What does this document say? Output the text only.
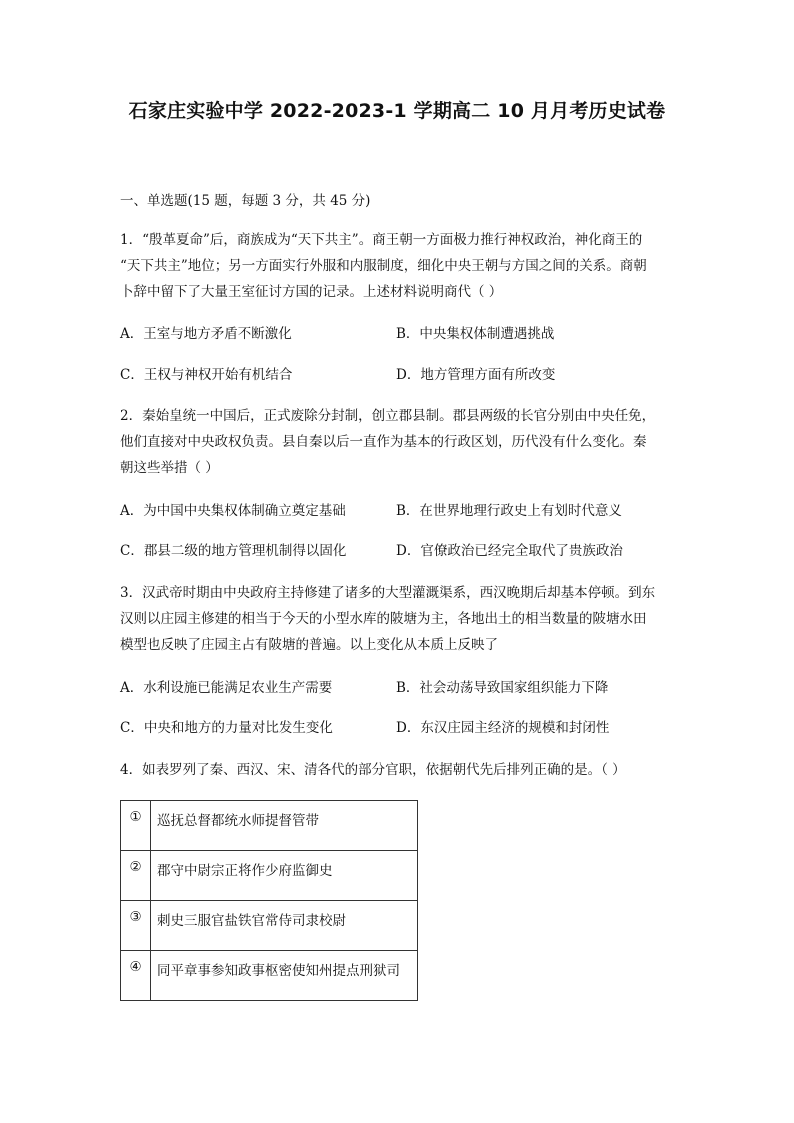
石家庄实验中学 2022-2023-1 学期高二 10 月月考历史试卷
一、单选题(15 题，每题 3 分，共 45 分)
1．“殷革夏命”后，商族成为“天下共主”。商王朝一方面极力推行神权政治，神化商王的
“天下共主”地位；另一方面实行外服和内服制度，细化中央王朝与方国之间的关系。商朝
卜辞中留下了大量王室征讨方国的记录。上述材料说明商代（ ）
A．王室与地方矛盾不断激化	B．中央集权体制遭遇挑战
C．王权与神权开始有机结合	D．地方管理方面有所改变
2．秦始皇统一中国后，正式废除分封制，创立郡县制。郡县两级的长官分别由中央任免，
他们直接对中央政权负责。县自秦以后一直作为基本的行政区划，历代没有什么变化。秦
朝这些举措（ ）
A．为中国中央集权体制确立奠定基础	B．在世界地理行政史上有划时代意义
C．郡县二级的地方管理机制得以固化	D．官僚政治已经完全取代了贵族政治
3．汉武帝时期由中央政府主持修建了诸多的大型灌溉渠系，西汉晚期后却基本停顿。到东
汉则以庄园主修建的相当于今天的小型水库的陂塘为主，各地出土的相当数量的陂塘水田
模型也反映了庄园主占有陂塘的普遍。以上变化从本质上反映了
A．水利设施已能满足农业生产需要	B．社会动荡导致国家组织能力下降
C．中央和地方的力量对比发生变化	D．东汉庄园主经济的规模和封闭性
4．如表罗列了秦、西汉、宋、清各代的部分官职，依据朝代先后排列正确的是。（ ）
①	巡抚总督都统水师提督管带
②	郡守中尉宗正将作少府监御史
③	刺史三服官盐铁官常侍司隶校尉
④	同平章事参知政事枢密使知州提点刑狱司
